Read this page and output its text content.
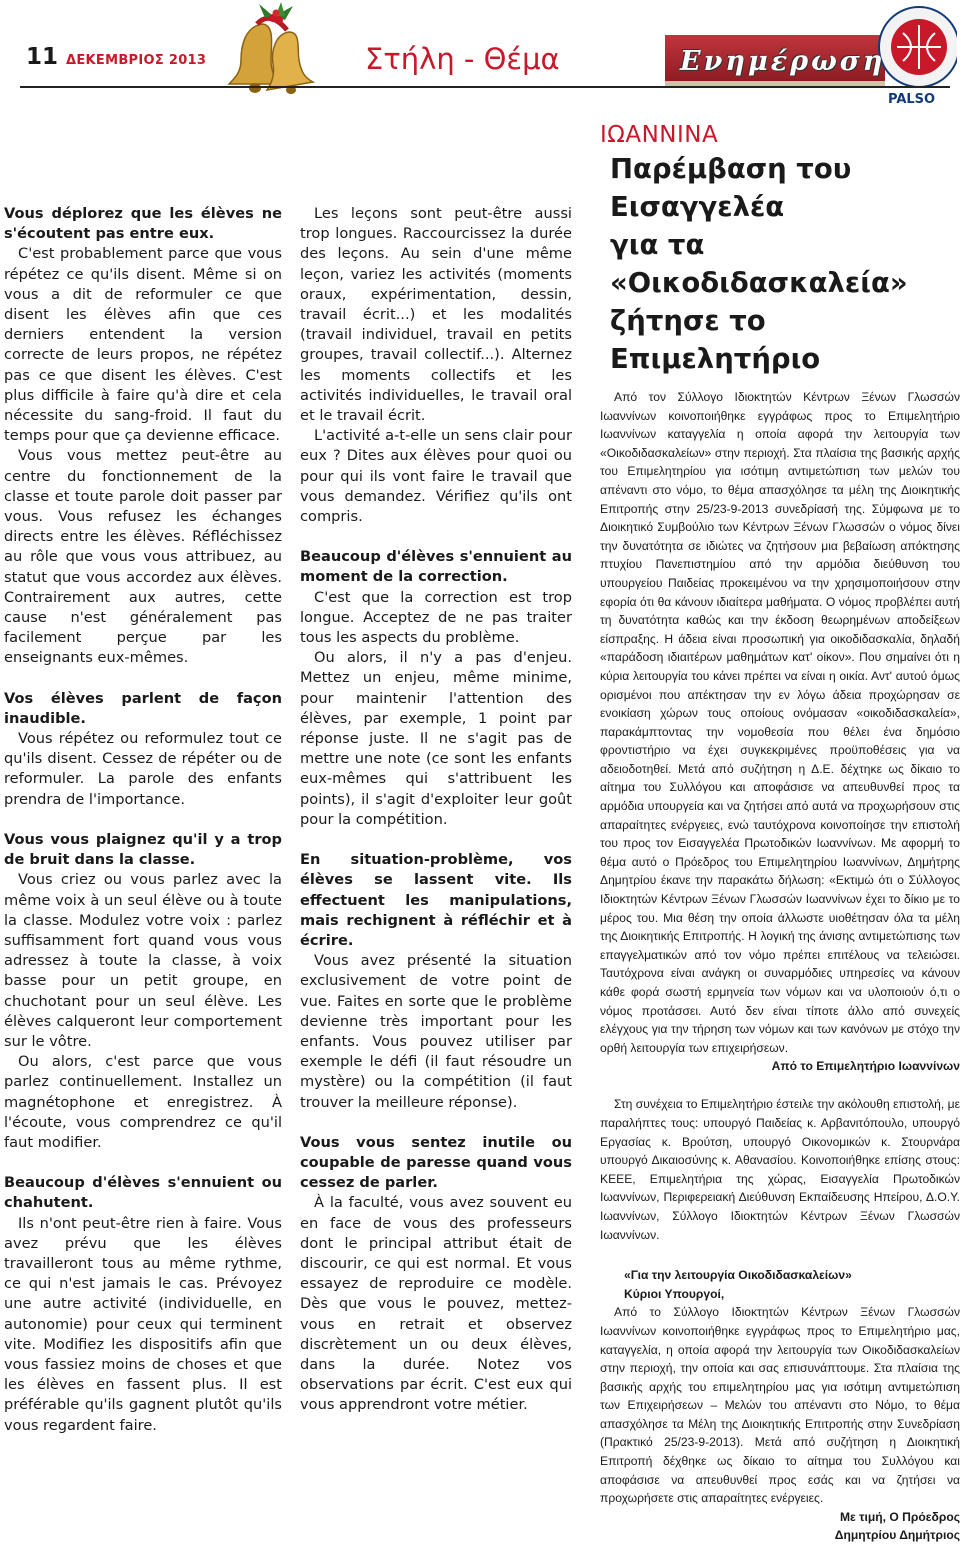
11 ΔΕΚΕΜΒΡΙΟΣ 2013	Στήλη - Θέμα	Ενημέρωση
PALSO

Vous déplorez que les élèves ne s'écoutent pas entre eux.

C'est probablement parce que vous répétez ce qu'ils disent. Même si on vous a dit de reformuler ce que disent les élèves afin que ces derniers entendent la version correcte de leurs propos, ne répétez pas ce que disent les élèves. C'est plus difficile à faire qu'à dire et cela nécessite du sang-froid. Il faut du temps pour que ça devienne efficace.

Vous vous mettez peut-être au centre du fonctionnement de la classe et toute parole doit passer par vous. Vous refusez les échanges directs entre les élèves. Réfléchissez au rôle que vous vous attribuez, au statut que vous accordez aux élèves. Contrairement aux autres, cette cause n'est généralement pas facilement perçue par les enseignants eux-mêmes.

Vos élèves parlent de façon inaudible.

Vous répétez ou reformulez tout ce qu'ils disent. Cessez de répéter ou de reformuler. La parole des enfants prendra de l'importance.

Vous vous plaignez qu'il y a trop de bruit dans la classe.

Vous criez ou vous parlez avec la même voix à un seul élève ou à toute la classe. Modulez votre voix : parlez suffisamment fort quand vous vous adressez à toute la classe, à voix basse pour un petit groupe, en chuchotant pour un seul élève. Les élèves calqueront leur comportement sur le vôtre.

Ou alors, c'est parce que vous parlez continuellement. Installez un magnétophone et enregistrez. À l'écoute, vous comprendrez ce qu'il faut modifier.

Beaucoup d'élèves s'ennuient ou chahutent.

Ils n'ont peut-être rien à faire. Vous avez prévu que les élèves travailleront tous au même rythme, ce qui n'est jamais le cas. Prévoyez une autre activité (individuelle, en autonomie) pour ceux qui terminent vite. Modifiez les dispositifs afin que vous fassiez moins de choses et que les élèves en fassent plus. Il est préférable qu'ils gagnent plutôt qu'ils vous regardent faire.

Les leçons sont peut-être aussi trop longues. Raccourcissez la durée des leçons. Au sein d'une même leçon, variez les activités (moments oraux, expérimentation, dessin, travail écrit...) et les modalités (travail individuel, travail en petits groupes, travail collectif...). Alternez les moments collectifs et les activités individuelles, le travail oral et le travail écrit.

L'activité a-t-elle un sens clair pour eux ? Dites aux élèves pour quoi ou pour qui ils vont faire le travail que vous demandez. Vérifiez qu'ils ont compris.

Beaucoup d'élèves s'ennuient au moment de la correction.

C'est que la correction est trop longue. Acceptez de ne pas traiter tous les aspects du problème.

Ou alors, il n'y a pas d'enjeu. Mettez un enjeu, même minime, pour maintenir l'attention des élèves, par exemple, 1 point par réponse juste. Il ne s'agit pas de mettre une note (ce sont les enfants eux-mêmes qui s'attribuent les points), il s'agit d'exploiter leur goût pour la compétition.

En situation-problème, vos élèves se lassent vite. Ils effectuent les manipulations, mais rechignent à réfléchir et à écrire.

Vous avez présenté la situation exclusivement de votre point de vue. Faites en sorte que le problème devienne très important pour les enfants. Vous pouvez utiliser par exemple le défi (il faut résoudre un mystère) ou la compétition (il faut trouver la meilleure réponse).

Vous vous sentez inutile ou coupable de paresse quand vous cessez de parler.

À la faculté, vous avez souvent eu en face de vous des professeurs dont le principal attribut était de discourir, ce qui est normal. Et vous essayez de reproduire ce modèle. Dès que vous le pouvez, mettez-vous en retrait et observez discrètement un ou deux élèves, dans la durée. Notez vos observations par écrit. C'est eux qui vous apprendront votre métier.

ΙΩΑΝΝΙΝΑ

Παρέμβαση του Εισαγγελέα
για τα «Οικοδιδασκαλεία»
ζήτησε το Επιμελητήριο

Από τον Σύλλογο Ιδιοκτητών Κέντρων Ξένων Γλωσσών Ιωαννίνων κοινοποιήθηκε εγγράφως προς το Επιμελητήριο Ιωαννίνων καταγγελία η οποία αφορά την λειτουργία των «Οικοδιδασκαλείων» στην περιοχή. Στα πλαίσια της βασικής αρχής του Επιμελητηρίου για ισότιμη αντιμετώπιση των μελών του απέναντι στο νόμο, το θέμα απασχόλησε τα μέλη της Διοικητικής Επιτροπής στην 25/23-9-2013 συνεδρίασή της. Σύμφωνα με το Διοικητικό Συμβούλιο των Κέντρων Ξένων Γλωσσών ο νόμος δίνει την δυνατότητα σε ιδιώτες να ζητήσουν μια βεβαίωση απόκτησης πτυχίου Πανεπιστημίου από την αρμόδια διεύθυνση του υπουργείου Παιδείας προκειμένου να την χρησιμοποιήσουν στην εφορία ότι θα κάνουν ιδιαίτερα μαθήματα. Ο νόμος προβλέπει αυτή τη δυνατότητα καθώς και την έκδοση θεωρημένων αποδείξεων είσπραξης. Η άδεια είναι προσωπική για οικοδιδασκαλία, δηλαδή «παράδοση ιδιαιτέρων μαθημάτων κατ' οίκον». Που σημαίνει ότι η κύρια λειτουργία του κάνει πρέπει να είναι η οικία. Αντ' αυτού όμως ορισμένοι που απέκτησαν την εν λόγω άδεια προχώρησαν σε ενοικίαση χώρων τους οποίους ονόμασαν «οικοδιδασκαλεία», παρακάμπτοντας την νομοθεσία που θέλει ένα δημόσιο φροντιστήριο να έχει συγκεκριμένες προϋποθέσεις για να αδειοδοτηθεί. Μετά από συζήτηση η Δ.Ε. δέχτηκε ως δίκαιο το αίτημα του Συλλόγου και αποφάσισε να απευθυνθεί προς τα αρμόδια υπουργεία και να ζητήσει από αυτά να προχωρήσουν στις απαραίτητες ενέργειες, ενώ ταυτόχρονα κοινοποίησε την επιστολή του προς τον Εισαγγελέα Πρωτοδικών Ιωαννίνων. Με αφορμή το θέμα αυτό ο Πρόεδρος του Επιμελητηρίου Ιωαννίνων, Δημήτρης Δημητρίου έκανε την παρακάτω δήλωση: «Εκτιμώ ότι ο Σύλλογος Ιδιοκτητών Κέντρων Ξένων Γλωσσών Ιωαννίνων έχει το δίκιο με το μέρος του. Μια θέση την οποία άλλωστε υιοθέτησαν όλα τα μέλη της Διοικητικής Επιτροπής. Η λογική της άνισης αντιμετώπισης των επαγγελματικών από τον νόμο πρέπει επιτέλους να τελειώσει. Ταυτόχρονα είναι ανάγκη οι συναρμόδιες υπηρεσίες να κάνουν κάθε φορά σωστή ερμηνεία των νόμων και να υλοποιούν ό,τι ο νόμος προτάσσει. Αυτό δεν είναι τίποτε άλλο από συνεχείς ελέγχους για την τήρηση των νόμων και των κανόνων με στόχο την ορθή λειτουργία των επιχειρήσεων.

Από το Επιμελητήριο Ιωαννίνων

Στη συνέχεια το Επιμελητήριο έστειλε την ακόλουθη επιστολή, με παραλήπτες τους: υπουργό Παιδείας κ. Αρβανιτόπουλο, υπουργό Εργασίας κ. Βρούτση, υπουργό Οικονομικών κ. Στουρνάρα υπουργό Δικαιοσύνης κ. Αθανασίου. Κοινοποιήθηκε επίσης στους: ΚΕΕΕ, Επιμελητήρια της χώρας, Εισαγγελία Πρωτοδικών Ιωαννίνων, Περιφερειακή Διεύθυνση Εκπαίδευσης Ηπείρου, Δ.Ο.Υ. Ιωαννίνων, Σύλλογο Ιδιοκτητών Κέντρων Ξένων Γλωσσών Ιωαννίνων.

«Για την λειτουργία Οικοδιδασκαλείων»

Κύριοι Υπουργοί,

Από το Σύλλογο Ιδιοκτητών Κέντρων Ξένων Γλωσσών Ιωαννίνων κοινοποιήθηκε εγγράφως προς το Επιμελητήριο μας, καταγγελία, η οποία αφορά την λειτουργία των Οικοδιδασκαλείων στην περιοχή, την οποία και σας επισυνάπτουμε. Στα πλαίσια της βασικής αρχής του επιμελητηρίου μας για ισότιμη αντιμετώπιση των Επιχειρήσεων – Μελών του απέναντι στο Νόμο, το θέμα απασχόλησε τα Μέλη της Διοικητικής Επιτροπής στην Συνεδρίαση (Πρακτικό 25/23-9-2013). Μετά από συζήτηση η Διοικητική Επιτροπή δέχθηκε ως δίκαιο το αίτημα του Συλλόγου και αποφάσισε να απευθυνθεί προς εσάς και να ζητήσει να προχωρήσετε στις απαραίτητες ενέργειες.

Με τιμή, Ο Πρόεδρος

Δημητρίου Δημήτριος
